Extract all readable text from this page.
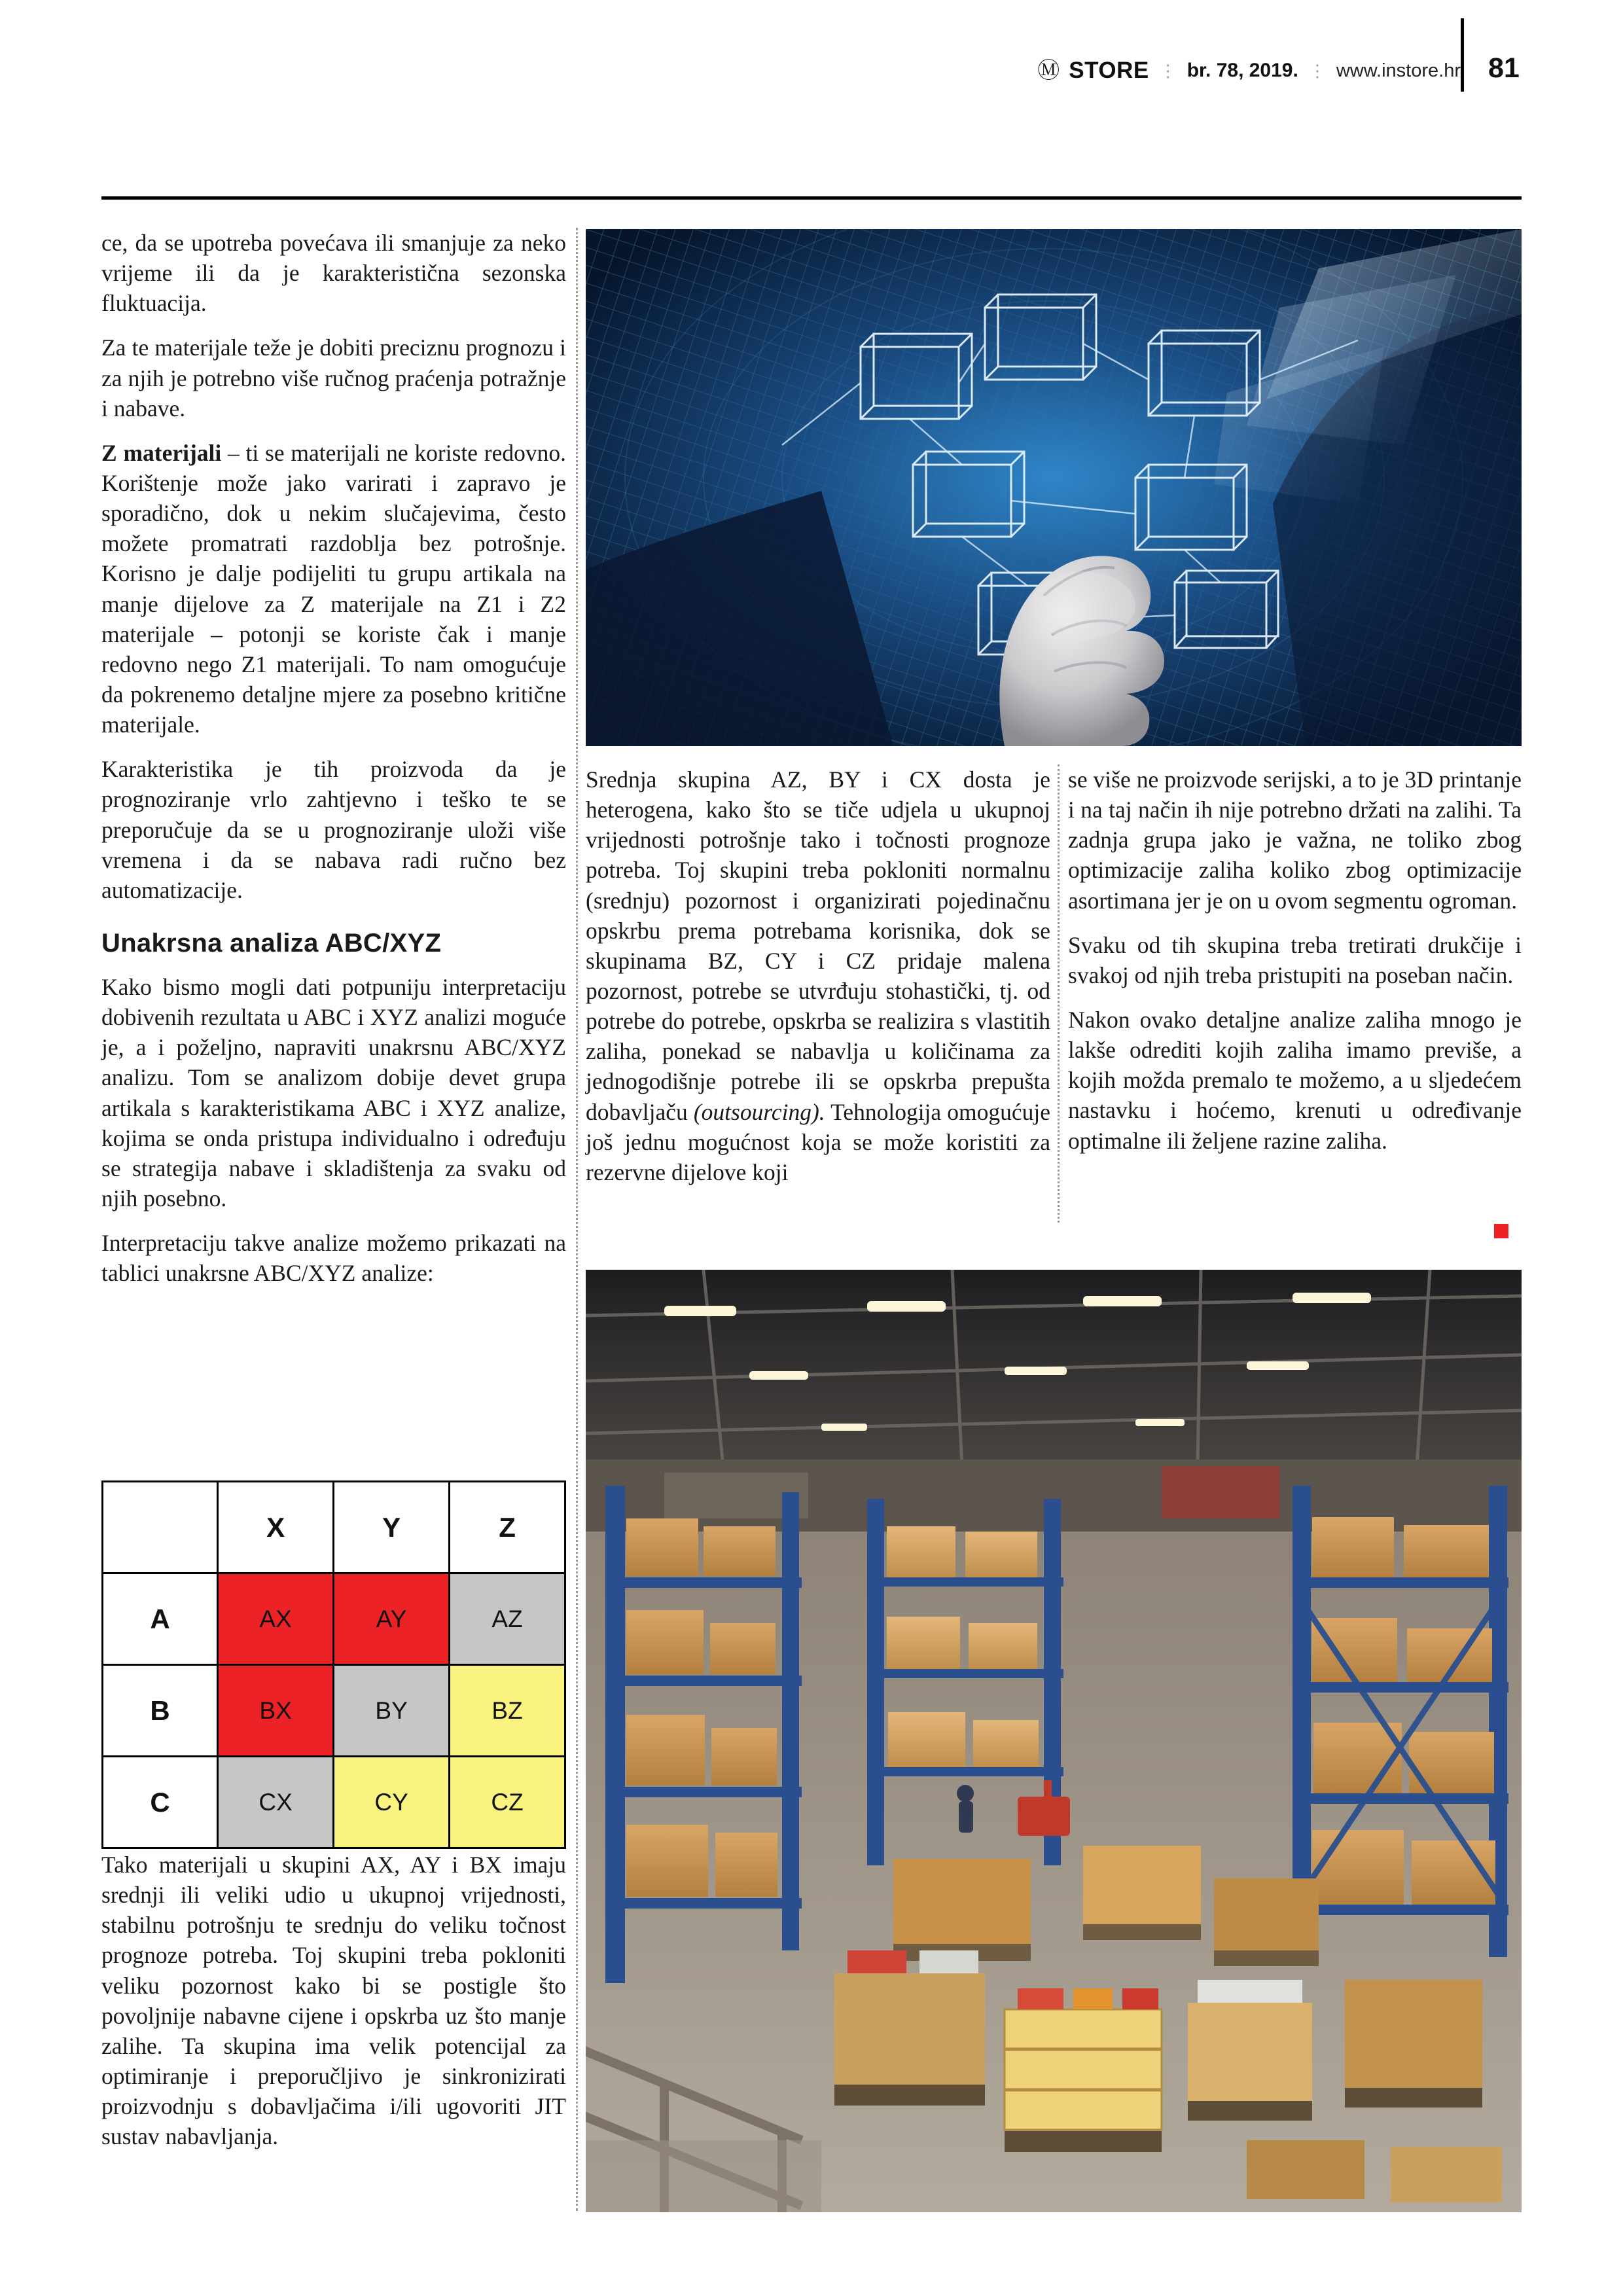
Ⓜ STORE ⋮ br. 78, 2019. ⋮ www.instore.hr 81

ce, da se upotreba povećava ili smanjuje za neko vrijeme ili da je karakteristična sezonska fluktuacija.

Za te materijale teže je dobiti preciznu prognozu i za njih je potrebno više ručnog praćenja potražnje i nabave.

Z materijali – ti se materijali ne koriste redovno. Korištenje može jako varirati i zapravo je sporadično, dok u nekim slučajevima, često možete promatrati razdoblja bez potrošnje. Korisno je dalje podijeliti tu grupu artikala na manje dijelove za Z materijale na Z1 i Z2 materijale – potonji se koriste čak i manje redovno nego Z1 materijali. To nam omogućuje da pokrenemo detaljne mjere za posebno kritične materijale.

Karakteristika je tih proizvoda da je prognoziranje vrlo zahtjevno i teško te se preporučuje da se u prognoziranje uloži više vremena i da se nabava radi ručno bez automatizacije.

Unakrsna analiza ABC/XYZ

Kako bismo mogli dati potpuniju interpretaciju dobivenih rezultata u ABC i XYZ analizi moguće je, a i poželjno, napraviti unakrsnu ABC/XYZ analizu. Tom se analizom dobije devet grupa artikala s karakteristikama ABC i XYZ analize, kojima se onda pristupa individualno i određuju se strategija nabave i skladištenja za svaku od njih posebno.

Interpretaciju takve analize možemo prikazati na tablici unakrsne ABC/XYZ analize:

	X	Y	Z
A	AX	AY	AZ
B	BX	BY	BZ
C	CX	CY	CZ

Tako materijali u skupini AX, AY i BX imaju srednji ili veliki udio u ukupnoj vrijednosti, stabilnu potrošnju te srednju do veliku točnost prognoze potreba. Toj skupini treba pokloniti veliku pozornost kako bi se postigle što povoljnije nabavne cijene i opskrba uz što manje zalihe. Ta skupina ima velik potencijal za optimiranje i preporučljivo je sinkronizirati proizvodnju s dobavljačima i/ili ugovoriti JIT sustav nabavljanja.

Srednja skupina AZ, BY i CX dosta je heterogena, kako što se tiče udjela u ukupnoj vrijednosti potrošnje tako i točnosti prognoze potreba. Toj skupini treba pokloniti normalnu (srednju) pozornost i organizirati pojedinačnu opskrbu prema potrebama korisnika, dok se skupinama BZ, CY i CZ pridaje malena pozornost, potrebe se utvrđuju stohastički, tj. od potrebe do potrebe, opskrba se realizira s vlastitih zaliha, ponekad se nabavlja u količinama za jednogodišnje potrebe ili se opskrba prepušta dobavljaču (outsourcing). Tehnologija omogućuje još jednu mogućnost koja se može koristiti za rezervne dijelove koji

se više ne proizvode serijski, a to je 3D printanje i na taj način ih nije potrebno držati na zalihi. Ta zadnja grupa jako je važna, ne toliko zbog optimizacije zaliha koliko zbog optimizacije asortimana jer je on u ovom segmentu ogroman.

Svaku od tih skupina treba tretirati drukčije i svakoj od njih treba pristupiti na poseban način.

Nakon ovako detaljne analize zaliha mnogo je lakše odrediti kojih zaliha imamo previše, a kojih možda premalo te možemo, a u sljedećem nastavku i hoćemo, krenuti u određivanje optimalne ili željene razine zaliha.
